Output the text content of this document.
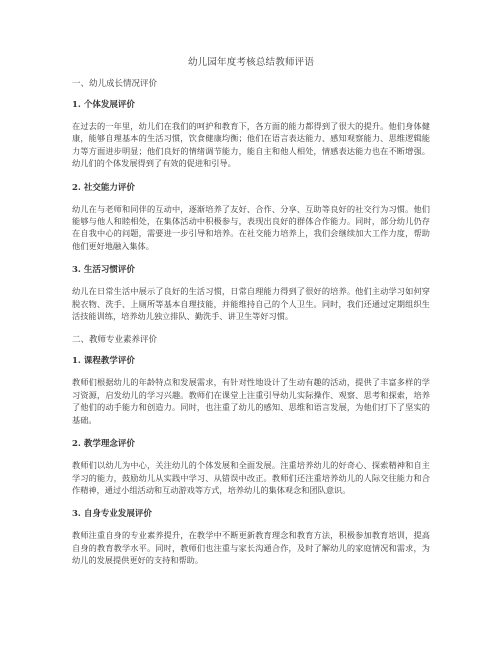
幼儿园年度考核总结教师评语
一、幼儿成长情况评价
1. 个体发展评价
在过去的一年里，幼儿们在我们的呵护和教育下，各方面的能力都得到了很大的提升。他们身体健康，能够自理基本的生活习惯，饮食健康均衡；他们在语言表达能力、感知观察能力、思维逻辑能力等方面进步明显；他们良好的情绪调节能力，能自主和他人相处，情感表达能力也在不断增强。幼儿们的个体发展得到了有效的促进和引导。
2. 社交能力评价
幼儿在与老师和同伴的互动中，逐渐培养了友好、合作、分享、互助等良好的社交行为习惯。他们能够与他人和睦相处，在集体活动中积极参与，表现出良好的群体合作能力。同时，部分幼儿仍存在自我中心的问题，需要进一步引导和培养。在社交能力培养上，我们会继续加大工作力度，帮助他们更好地融入集体。
3. 生活习惯评价
幼儿在日常生活中展示了良好的生活习惯，日常自理能力得到了很好的培养。他们主动学习如何穿脱衣物、洗手、上厕所等基本自理技能，并能维持自己的个人卫生。同时，我们还通过定期组织生活技能训练，培养幼儿独立排队、勤洗手、讲卫生等好习惯。
二、教师专业素养评价
1. 课程教学评价
教师们根据幼儿的年龄特点和发展需求，有针对性地设计了生动有趣的活动，提供了丰富多样的学习资源，启发幼儿的学习兴趣。教师们在课堂上注重引导幼儿实际操作、观察、思考和探索，培养了他们的动手能力和创造力。同时，也注重了幼儿的感知、思维和语言发展，为他们打下了坚实的基础。
2. 教学理念评价
教师们以幼儿为中心，关注幼儿的个体发展和全面发展。注重培养幼儿的好奇心、探索精神和自主学习的能力，鼓励幼儿从实践中学习、从错误中改正。教师们还注重培养幼儿的人际交往能力和合作精神，通过小组活动和互动游戏等方式，培养幼儿的集体观念和团队意识。
3. 自身专业发展评价
教师注重自身的专业素养提升，在教学中不断更新教育理念和教育方法，积极参加教育培训，提高自身的教育教学水平。同时，教师们也注重与家长沟通合作，及时了解幼儿的家庭情况和需求，为幼儿的发展提供更好的支持和帮助。
